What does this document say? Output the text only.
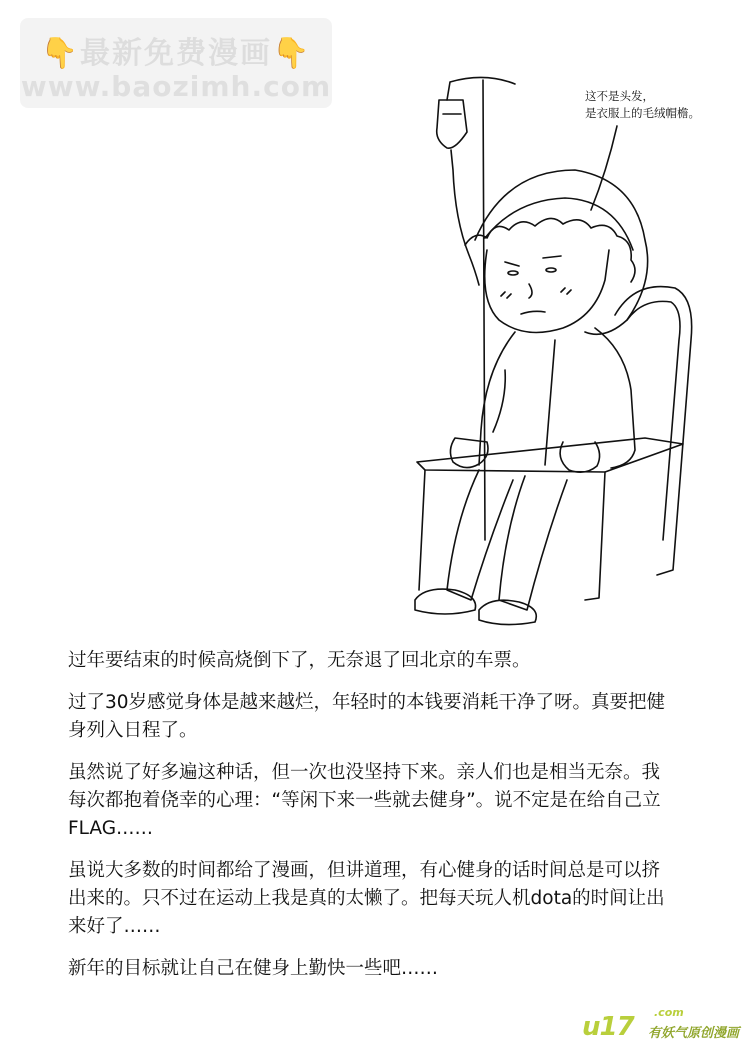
👇最新免费漫画👇
www.baozimh.com	这不是头发，
是衣服上的毛绒帽檐。

过年要结束的时候高烧倒下了，无奈退了回北京的车票。

过了30岁感觉身体是越来越烂，年轻时的本钱要消耗干净了呀。真要把健身列入日程了。

虽然说了好多遍这种话，但一次也没坚持下来。亲人们也是相当无奈。我每次都抱着侥幸的心理：“等闲下来一些就去健身”。说不定是在给自己立FLAG……

虽说大多数的时间都给了漫画，但讲道理，有心健身的话时间总是可以挤出来的。只不过在运动上我是真的太懒了。把每天玩人机dota的时间让出来好了……

新年的目标就让自己在健身上勤快一些吧……

u17 .com
有妖气原创漫画
